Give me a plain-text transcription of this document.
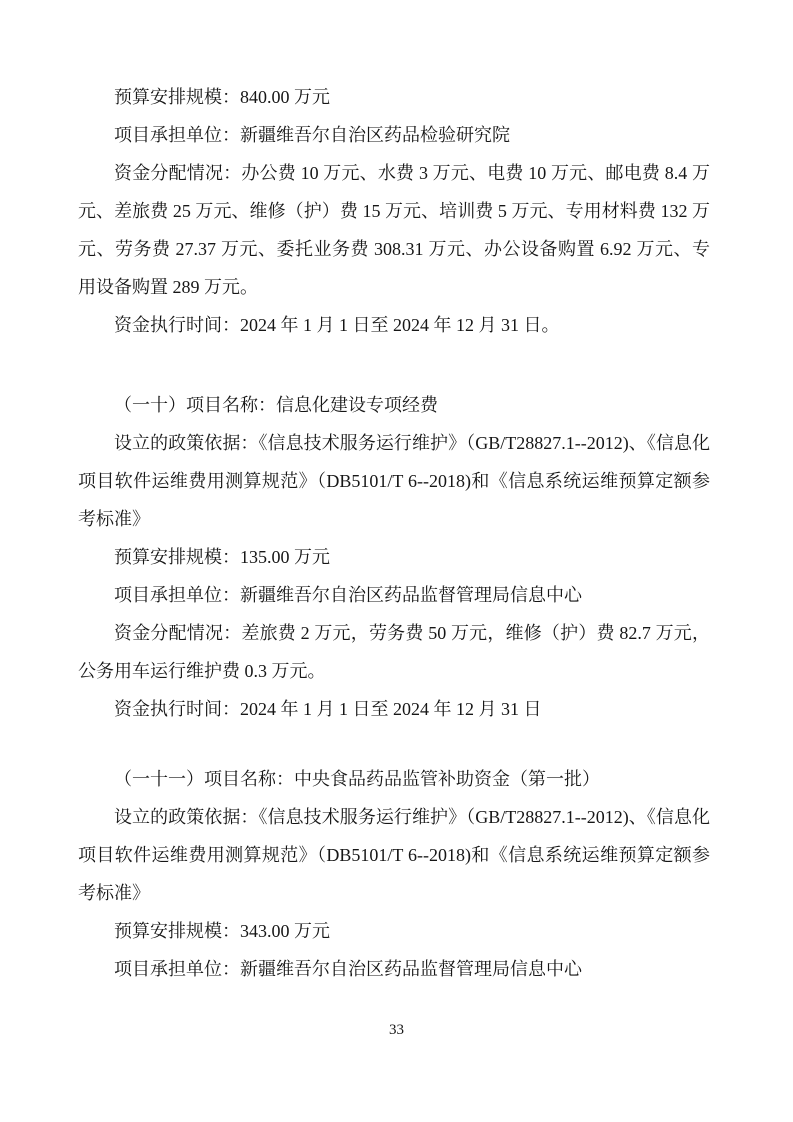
预算安排规模：840.00 万元

项目承担单位：新疆维吾尔自治区药品检验研究院

资金分配情况：办公费 10 万元、水费 3 万元、电费 10 万元、邮电费 8.4 万元、差旅费 25 万元、维修（护）费 15 万元、培训费 5 万元、专用材料费 132 万元、劳务费 27.37 万元、委托业务费 308.31 万元、办公设备购置 6.92 万元、专用设备购置 289 万元。

资金执行时间：2024 年 1 月 1 日至 2024 年 12 月 31 日。

（一十）项目名称：信息化建设专项经费

设立的政策依据：《信息技术服务运行维护》（GB/T28827.1--2012)、《信息化项目软件运维费用测算规范》（DB5101/T 6--2018)和《信息系统运维预算定额参考标准》

预算安排规模：135.00 万元

项目承担单位：新疆维吾尔自治区药品监督管理局信息中心

资金分配情况：差旅费 2 万元，劳务费 50 万元，维修（护）费 82.7 万元，公务用车运行维护费 0.3 万元。

资金执行时间：2024 年 1 月 1 日至 2024 年 12 月 31 日

（一十一）项目名称：中央食品药品监管补助资金（第一批）

设立的政策依据：《信息技术服务运行维护》（GB/T28827.1--2012)、《信息化项目软件运维费用测算规范》（DB5101/T 6--2018)和《信息系统运维预算定额参考标准》

预算安排规模：343.00 万元

项目承担单位：新疆维吾尔自治区药品监督管理局信息中心

33
